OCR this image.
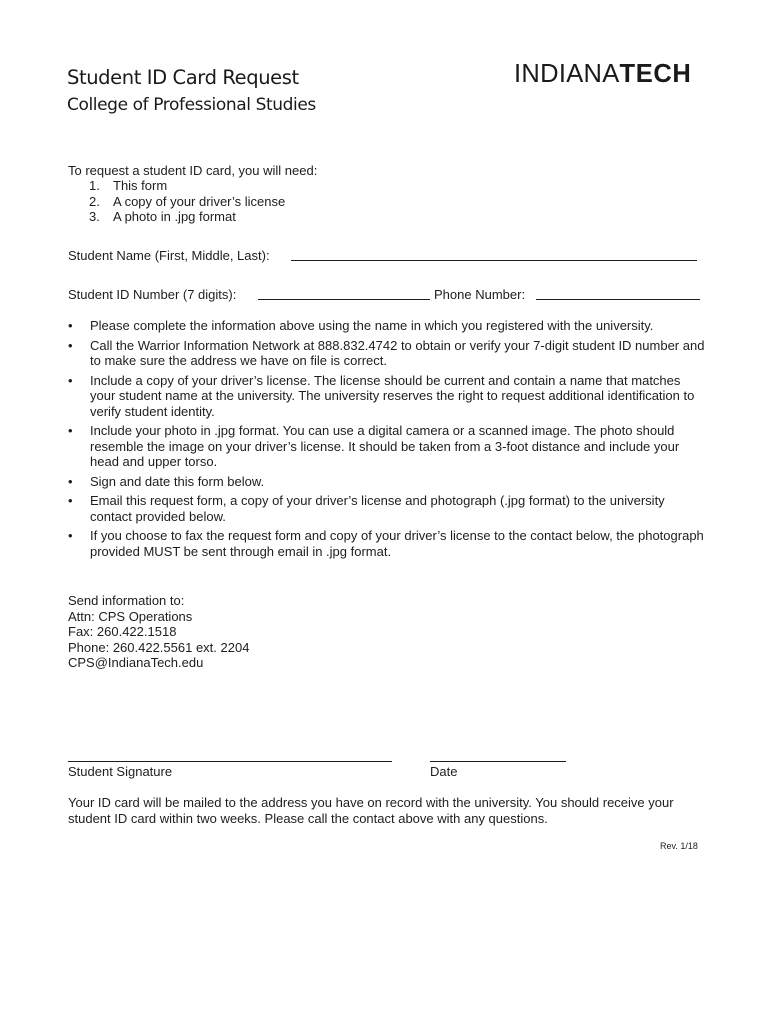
Student ID Card Request
College of Professional Studies
INDIANATECH
To request a student ID card, you will need:
1. This form
2. A copy of your driver’s license
3. A photo in .jpg format
Student Name (First, Middle, Last):
Student ID Number (7 digits):	Phone Number:
• Please complete the information above using the name in which you registered with the university.
• Call the Warrior Information Network at 888.832.4742 to obtain or verify your 7-digit student ID number and to make sure the address we have on file is correct.
• Include a copy of your driver’s license. The license should be current and contain a name that matches your student name at the university. The university reserves the right to request additional identification to verify student identity.
• Include your photo in .jpg format. You can use a digital camera or a scanned image. The photo should resemble the image on your driver’s license. It should be taken from a 3-foot distance and include your head and upper torso.
• Sign and date this form below.
• Email this request form, a copy of your driver’s license and photograph (.jpg format) to the university contact provided below.
• If you choose to fax the request form and copy of your driver’s license to the contact below, the photograph provided MUST be sent through email in .jpg format.
Send information to:
Attn: CPS Operations
Fax: 260.422.1518
Phone: 260.422.5561 ext. 2204
CPS@IndianaTech.edu
Student Signature	Date
Your ID card will be mailed to the address you have on record with the university. You should receive your student ID card within two weeks. Please call the contact above with any questions.
Rev. 1/18
